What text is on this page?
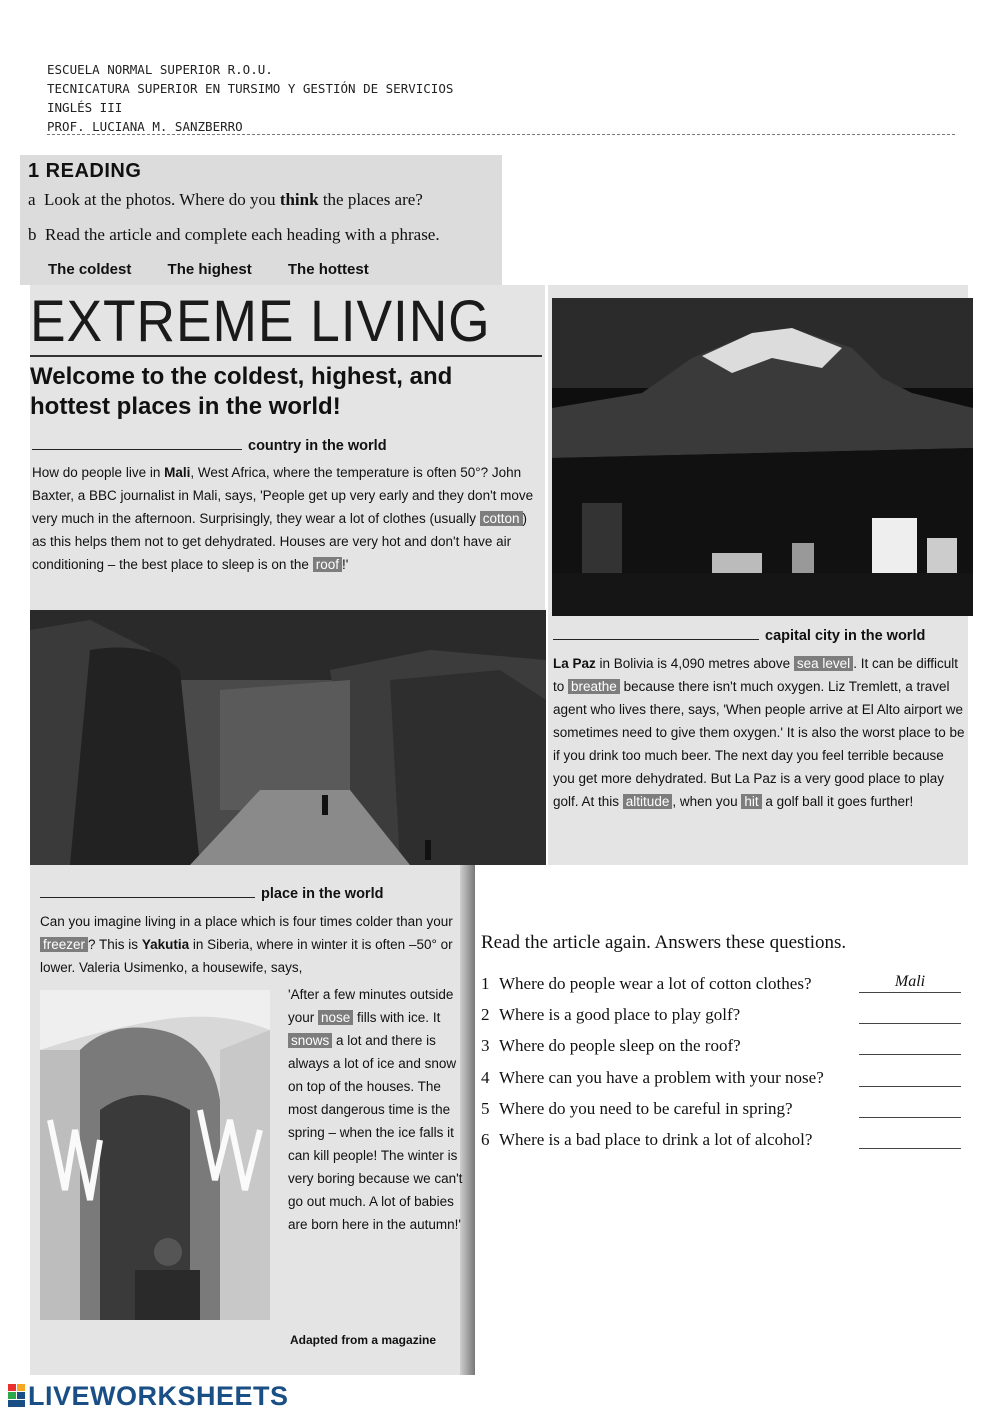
ESCUELA NORMAL SUPERIOR R.O.U.
TECNICATURA SUPERIOR EN TURSIMO Y GESTIÓN DE SERVICIOS
INGLÉS III
PROF. LUCIANA M. SANZBERRO
1 READING
a Look at the photos. Where do you think the places are?
b Read the article and complete each heading with a phrase.
The coldest The highest The hottest
EXTREME LIVING
Welcome to the coldest, highest, and hottest places in the world!
country in the world
How do people live in Mali, West Africa, where the temperature is often 50°? John Baxter, a BBC journalist in Mali, says, 'People get up very early and they don't move very much in the afternoon. Surprisingly, they wear a lot of clothes (usually cotton ) as this helps them not to get dehydrated. Houses are very hot and don't have air conditioning – the best place to sleep is on the roof !'
capital city in the world
La Paz in Bolivia is 4,090 metres above sea level . It can be difficult to breathe because there isn't much oxygen. Liz Tremlett, a travel agent who lives there, says, 'When people arrive at El Alto airport we sometimes need to give them oxygen.' It is also the worst place to be if you drink too much beer. The next day you feel terrible because you get more dehydrated. But La Paz is a very good place to play golf. At this altitude , when you hit a golf ball it goes further!
place in the world
Can you imagine living in a place which is four times colder than your freezer ? This is Yakutia in Siberia, where in winter it is often –50° or lower. Valeria Usimenko, a housewife, says,
'After a few minutes outside your nose fills with ice. It snows a lot and there is always a lot of ice and snow on top of the houses. The most dangerous time is the spring – when the ice falls it can kill people! The winter is very boring because we can't go out much. A lot of babies are born here in the autumn!'
Adapted from a magazine
Read the article again. Answers these questions.
1 Where do people wear a lot of cotton clothes?	Mali
2 Where is a good place to play golf?
3 Where do people sleep on the roof?
4 Where can you have a problem with your nose?
5 Where do you need to be careful in spring?
6 Where is a bad place to drink a lot of alcohol?
LIVEWORKSHEETS
